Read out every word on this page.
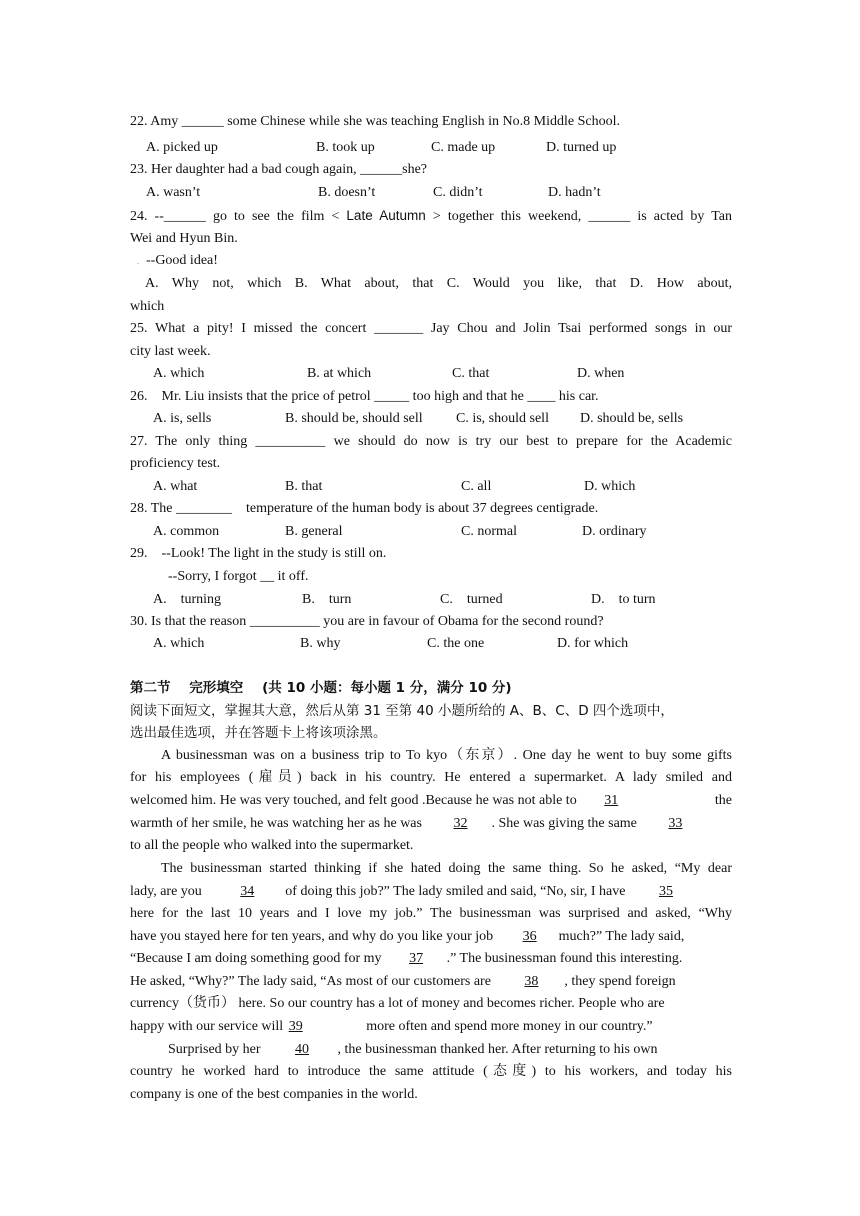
22. Amy ______ some Chinese while she was teaching English in No.8 Middle School.
A. picked up	B. took up	C. made up	D. turned up
23. Her daughter had a bad cough again, ______she?
A. wasn’t	B. doesn’t	C. didn’t	D. hadn’t
24. --______ go to see the film < Late Autumn > together this weekend, ______ is acted by Tan
Wei and Hyun Bin.
. --Good idea!
A. Why not, which B. What about, that C. Would you like, that D. How about,
which
25. What a pity! I missed the concert _______ Jay Chou and Jolin Tsai performed songs in our
city last week.
A. which	B. at which	C. that	D. when
26.    Mr. Liu insists that the price of petrol _____ too high and that he ____ his car.
A. is, sells	B. should be, should sell C. is, should sell D. should be, sells
27. The only thing __________ we should do now is try our best to prepare for the Academic
proficiency test.
A. what	B. that	C. all	D. which
28. The ________    temperature of the human body is about 37 degrees centigrade.
A. common	B. general	C. normal	D. ordinary
29.    --Look! The light in the study is still on.
--Sorry, I forgot __ it off.
A.    turning	B.    turn	C.    turned	D.    to turn
30. Is that the reason __________ you are in favour of Obama for the second round?
A. which	B. why	C. the one	D. for which
第二节    完形填空    (共 10 小题：每小题 1 分，满分 10 分)
阅读下面短文，掌握其大意，然后从第 31 至第 40 小题所给的 A、B、C、D 四个选项中，
选出最佳选项，并在答题卡上将该项涂黑。
A businessman was on a business trip to To kyo（东京）. One day he went to buy some gifts
for his employees (雇员) back in his country. He entered a supermarket. A lady smiled and
welcomed him. He was very touched, and felt good .Because he was not able to 31	the
warmth of her smile, he was watching her as he was 32 . She was giving the same 33
to all the people who walked into the supermarket.
The businessman started thinking if she hated doing the same thing. So he asked, “My dear
lady, are you	34 of doing this job?” The lady smiled and said, “No, sir, I have 35
here for the last 10 years and I love my job.” The businessman was surprised and asked, “Why
have you stayed here for ten years, and why do you like your job 36 much?” The lady said,
“Because I am doing something good for my 37 .” The businessman found this interesting.
He asked, “Why?” The lady said, “As most of our customers are 38 , they spend foreign
currency（货币） here. So our country has a lot of money and becomes richer. People who are
happy with our service will 39	more often and spend more money in our country.”
Surprised by her 40 , the businessman thanked her. After returning to his own
country he worked hard to introduce the same attitude (态度) to his workers, and today his
company is one of the best companies in the world.
